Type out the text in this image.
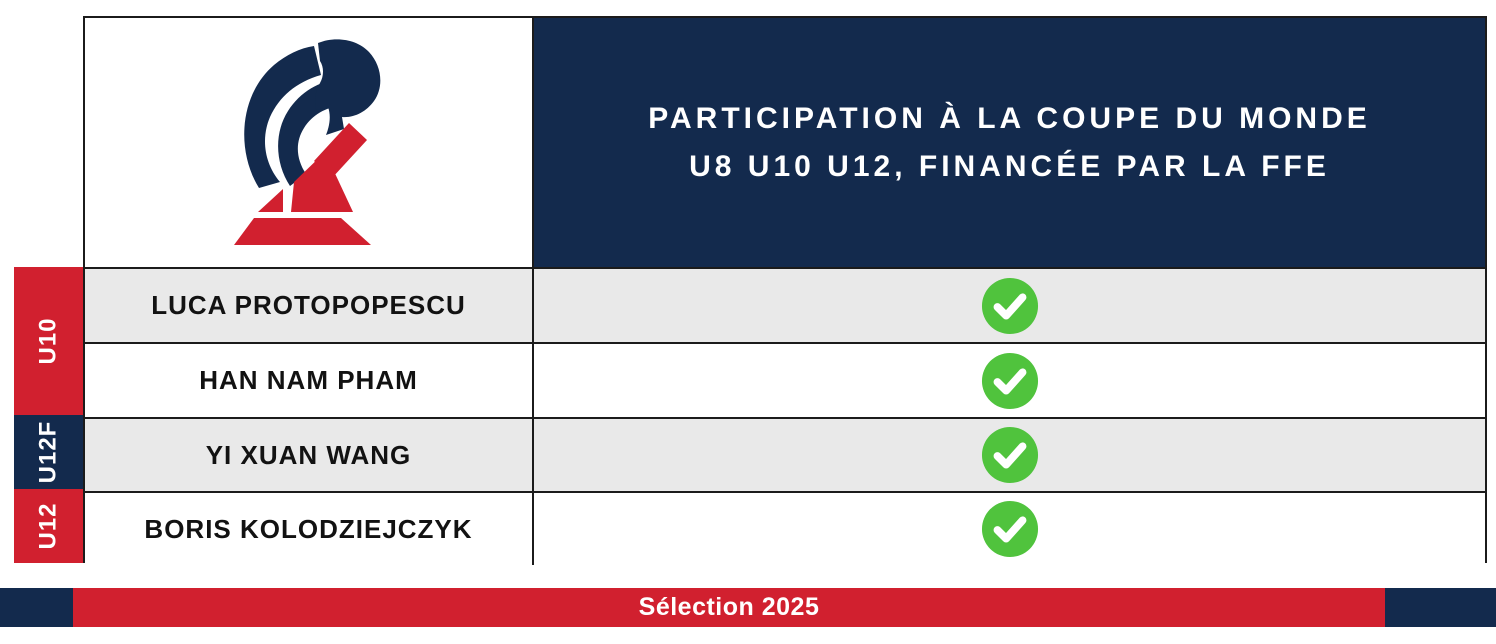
PARTICIPATION À LA COUPE DU MONDE
U8 U10 U12, FINANCÉE PAR LA FFE
LUCA PROTOPOPESCU
HAN NAM PHAM
YI XUAN WANG
BORIS KOLODZIEJCZYK
U10
U12F
U12
Sélection 2025
